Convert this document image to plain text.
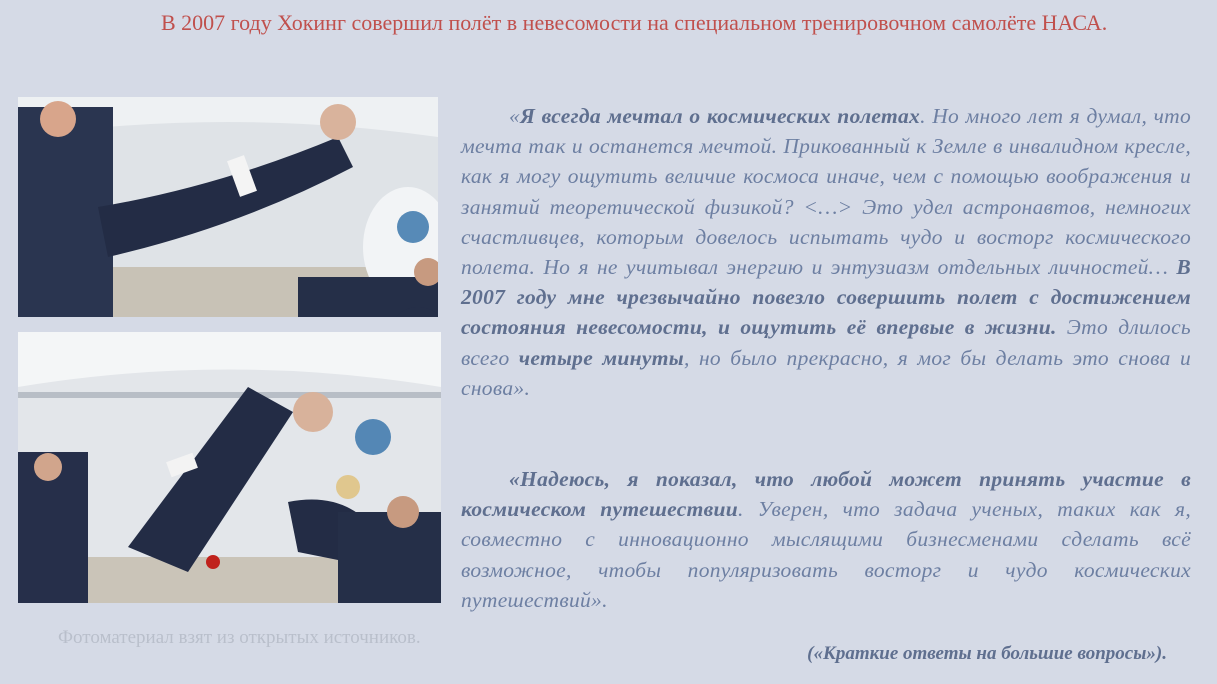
В 2007 году Хокинг совершил полёт в невесомости на специальном тренировочном самолёте НАСА.
«Я всегда мечтал о космических полетах. Но много лет я думал, что мечта так и останется мечтой. Прикованный к Земле в инвалидном кресле, как я могу ощутить величие космоса иначе, чем с помощью воображения и занятий теоретической физикой? <…> Это удел астронавтов, немногих счастливцев, которым довелось испытать чудо и восторг космического полета. Но я не учитывал энергию и энтузиазм отдельных личностей… В 2007 году мне чрезвычайно повезло совершить полет с достижением состояния невесомости, и ощутить её впервые в жизни. Это длилось всего четыре минуты, но было прекрасно, я мог бы делать это снова и снова».
«Надеюсь, я показал, что любой может принять участие в космическом путешествии. Уверен, что задача ученых, таких как я, совместно с инновационно мыслящими бизнесменами сделать всё возможное, чтобы популяризовать восторг и чудо космических путешествий».
(«Краткие ответы на большие вопросы»).
Фотоматериал взят из открытых источников.
